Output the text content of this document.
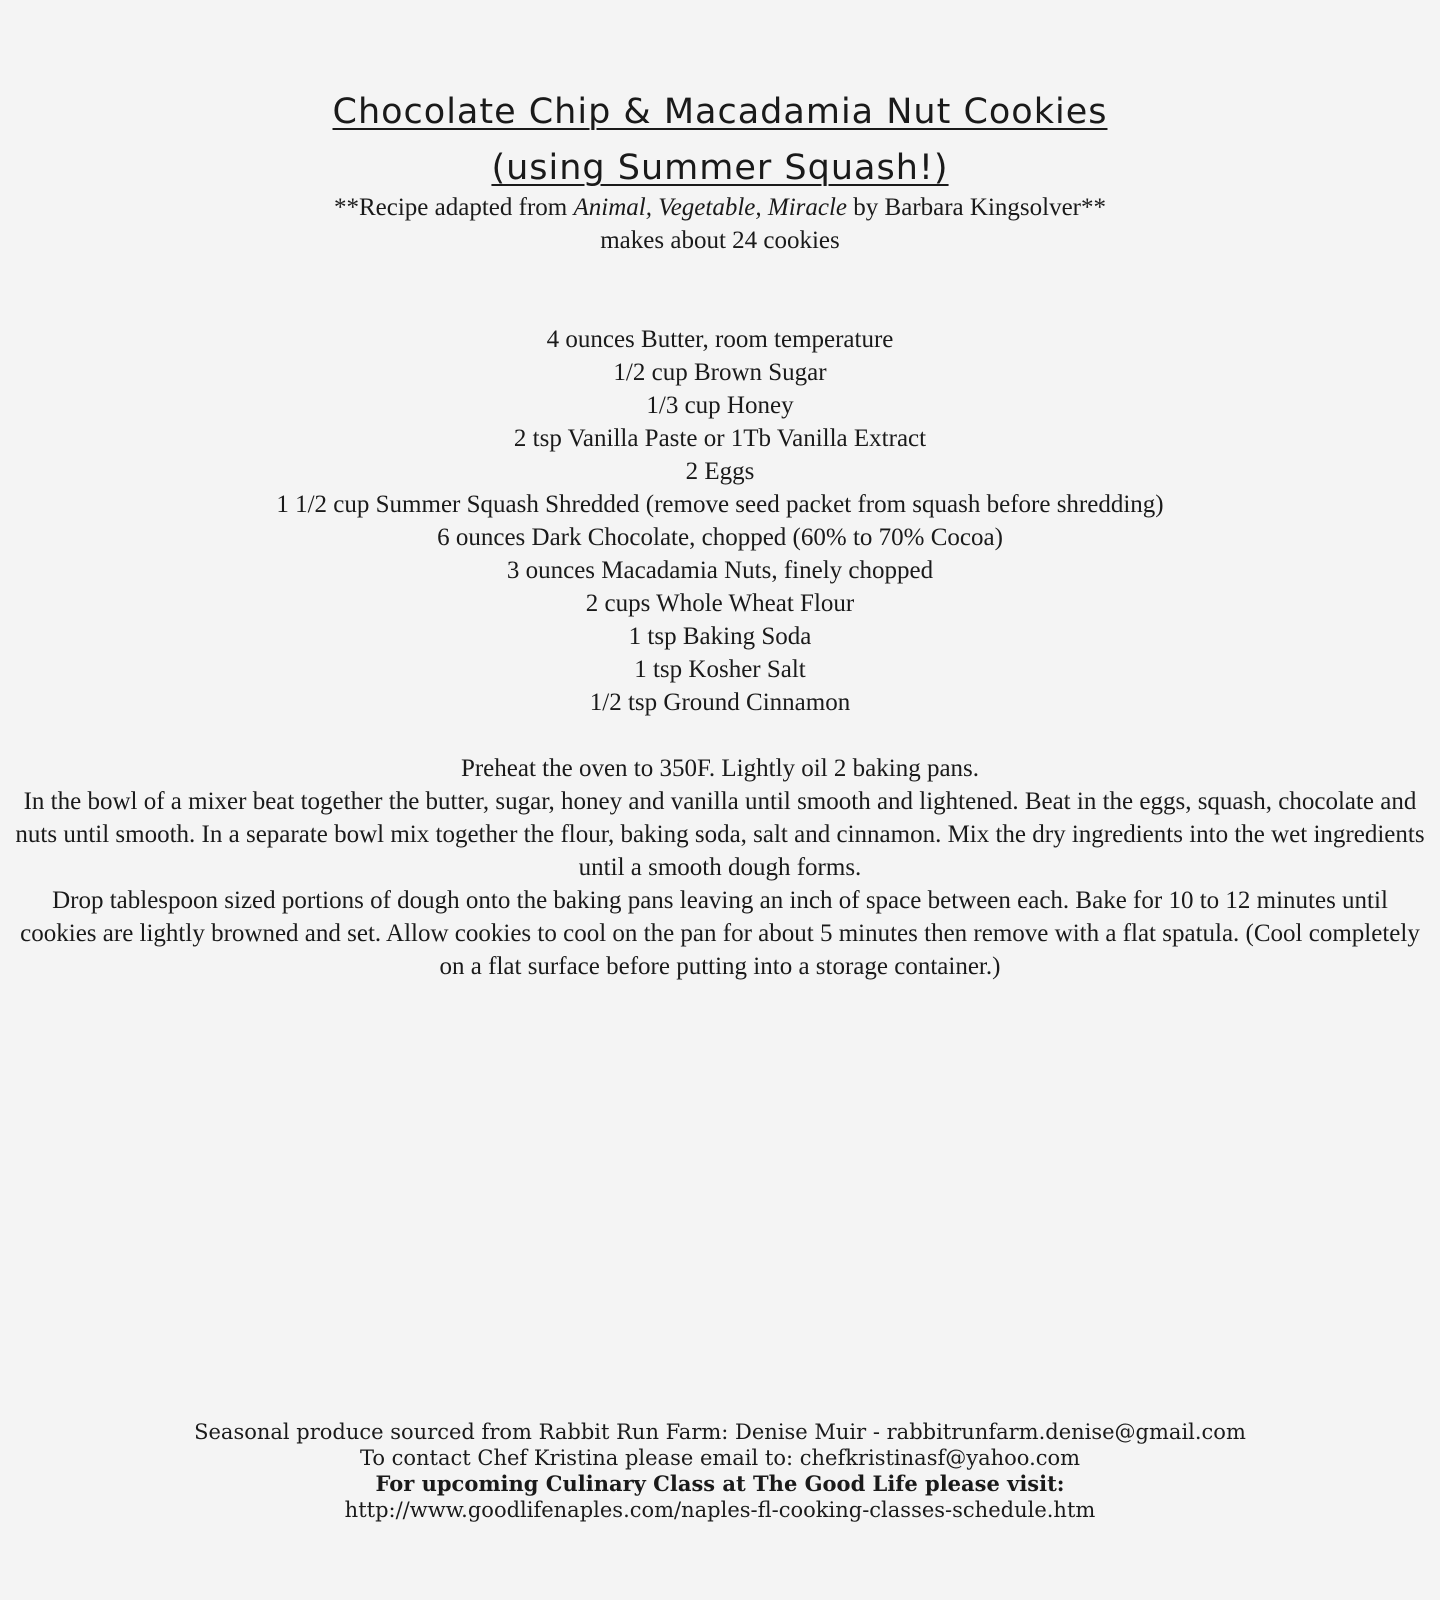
Chocolate Chip & Macadamia Nut Cookies
(using Summer Squash!)
**Recipe adapted from Animal, Vegetable, Miracle by Barbara Kingsolver**
makes about 24 cookies
4 ounces Butter, room temperature
1/2 cup Brown Sugar
1/3 cup Honey
2 tsp Vanilla Paste or 1Tb Vanilla Extract
2 Eggs
1 1/2 cup Summer Squash Shredded (remove seed packet from squash before shredding)
6 ounces Dark Chocolate, chopped (60% to 70% Cocoa)
3 ounces Macadamia Nuts, finely chopped
2 cups Whole Wheat Flour
1 tsp Baking Soda
1 tsp Kosher Salt
1/2 tsp Ground Cinnamon

Preheat the oven to 350F. Lightly oil 2 baking pans.

In the bowl of a mixer beat together the butter, sugar, honey and vanilla until smooth and lightened. Beat in the eggs, squash, chocolate and nuts until smooth. In a separate bowl mix together the flour, baking soda, salt and cinnamon. Mix the dry ingredients into the wet ingredients until a smooth dough forms.

Drop tablespoon sized portions of dough onto the baking pans leaving an inch of space between each. Bake for 10 to 12 minutes until cookies are lightly browned and set. Allow cookies to cool on the pan for about 5 minutes then remove with a flat spatula. (Cool completely on a flat surface before putting into a storage container.)

Seasonal produce sourced from Rabbit Run Farm: Denise Muir - rabbitrunfarm.denise@gmail.com

To contact Chef Kristina please email to: chefkristinasf@yahoo.com

For upcoming Culinary Class at The Good Life please visit:

http://www.goodlifenaples.com/naples-fl-cooking-classes-schedule.htm
